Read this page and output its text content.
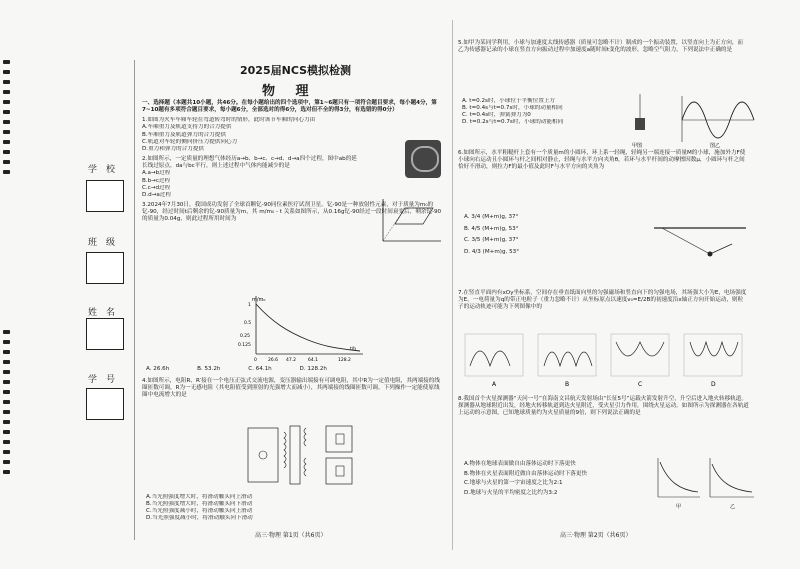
学校
班级
姓名
学号
2025届NCS模拟检测
物 理
一、选择题（本题共10小题，共46分。在每小题给出的四个选项中，第1~6题只有一项符合题目要求，每小题4分，第7~10题有多项符合题目要求，每小题6分，全部选对的得6分，选对但不全的得3分，有选错的得0分）
1.如图为火车车厢车轮在弯道转弯时的情形，此时该节车厢的向心力由
A.车厢重力及轨道支持力的合力提供
B.车厢重力及轨道弹力的合力提供
C.轨道对车轮的侧向挤压力提供向心力
D.重力和弹力的合力提供
2.如图所示，一定质量的理想气体经历a→b、b→c、c→d、d→a四个过程，图中ab的延长线过原点，da与bc平行，则上述过程中气体内能减少的是
A.a→b过程
B.b→c过程
C.c→d过程
D.d→a过程
3.2024年7月30日，我国成功发射了全球首颗钇-90同位素医疗试剂卫星。钇-90是一种放射性元素，对于质量为m₀的钇-90，经过时间t后剩余的钇-90质量为m，其 m/m₀ - t 关系如图所示，从0.16g钇-90经过一段时间衰变后，剩余钇-90的质量为0.04g，则此过程所用时间为
m/m₀
1
0.5
0.25
0.125
0 26.6 47.2	64.1	128.2
t/h
A. 26.6h	B. 53.2h	C. 64.1h	D. 128.2h
4.如图所示，电阻R、R′接在一个电压正弦式交流电源，变压器输出端接有可调电阻，其中R为一定值电阻，其两端接的线圈匝数可调，R为一无感电阻（其电阻值受到照射的光强增大而减小），其两端接的线圈匝数可调。下列操作一定能使原线圈中电流增大的是
A.当光照强度增大时，将滑动触头向上滑动
B.当光照强度增大时，将滑动触头向下滑动
C.当光照强度减小时，将滑动触头向上滑动
D.当光照强度减小时，将滑动触头向下滑动
高三·物理 第1页（共6页）
5.如甲为某同学利用，小球与加速度太线传感器（质量可忽略不计）制成的一个振动装置，以竖直向上为正方向，而乙为传感器记录的小球在竖直方向振动过程中加速度a随时间t变化的波形，忽略空气阻力，下列说法中正确的是
A. t=0.2s时，小球位于平衡位置上方
B. t=0.4s与t=0.7s时，小球的动量相同
C. t=0.4s时，弹簧弹力为0
D. t=0.2s与t=0.7s时，小球的动能相同
甲图	图乙
6.如图所示，水平粗糙杆上套有一个质量m的小圆环，环上系一轻绳，轻绳另一端连接一质量M的小球，施加外力F使小球向右运动且小圆环与杆之间相对静止，轻绳与水平方向夹角θ，若环与水平杆间的动摩擦因数μ，小圆环与杆之间恰好不滑动，则拉力F的最小值及此时F与水平方向的夹角为
A. 3/4 (M+m)g, 37°
B. 4/5 (M+m)g, 53°
C. 3/5 (M+m)g, 37°
D. 4/3 (M+m)g, 53°
7.在竖直平面内有xOy坐标系，空间存在垂直纸面向里的匀强磁场和竖直向下的匀强电场，其场强大小为E，电场强度为E，一电荷量为q的带正电粒子（重力忽略不计）从坐标原点以速度v₀=E/2B的初速度沿x轴正方向开始运动，则粒子的运动轨迹可能为下列图像中的
A	B	C	D
8.我国首个火星探测器“天问一号”在海南文昌航天发射场由“长征5号”运载火箭发射升空，升空后进入地火转移轨道。探测器从地球附近出发，经地火转移轨道到达火星附近，受火星引力作用，围绕火星运动。如图所示为探测器在各轨道上运动的示意图，已知地球质量约为火星质量的9倍，则下列说法正确的是
A.物体在地球表面做自由落体运动时下落更快
B.物体在火星表面附近做自由落体运动时下落更快
C.地球与火星的第一宇宙速度之比为2:1
D.地球与火星的平均密度之比约为3:2
甲	乙
高三·物理 第2页（共6页）
